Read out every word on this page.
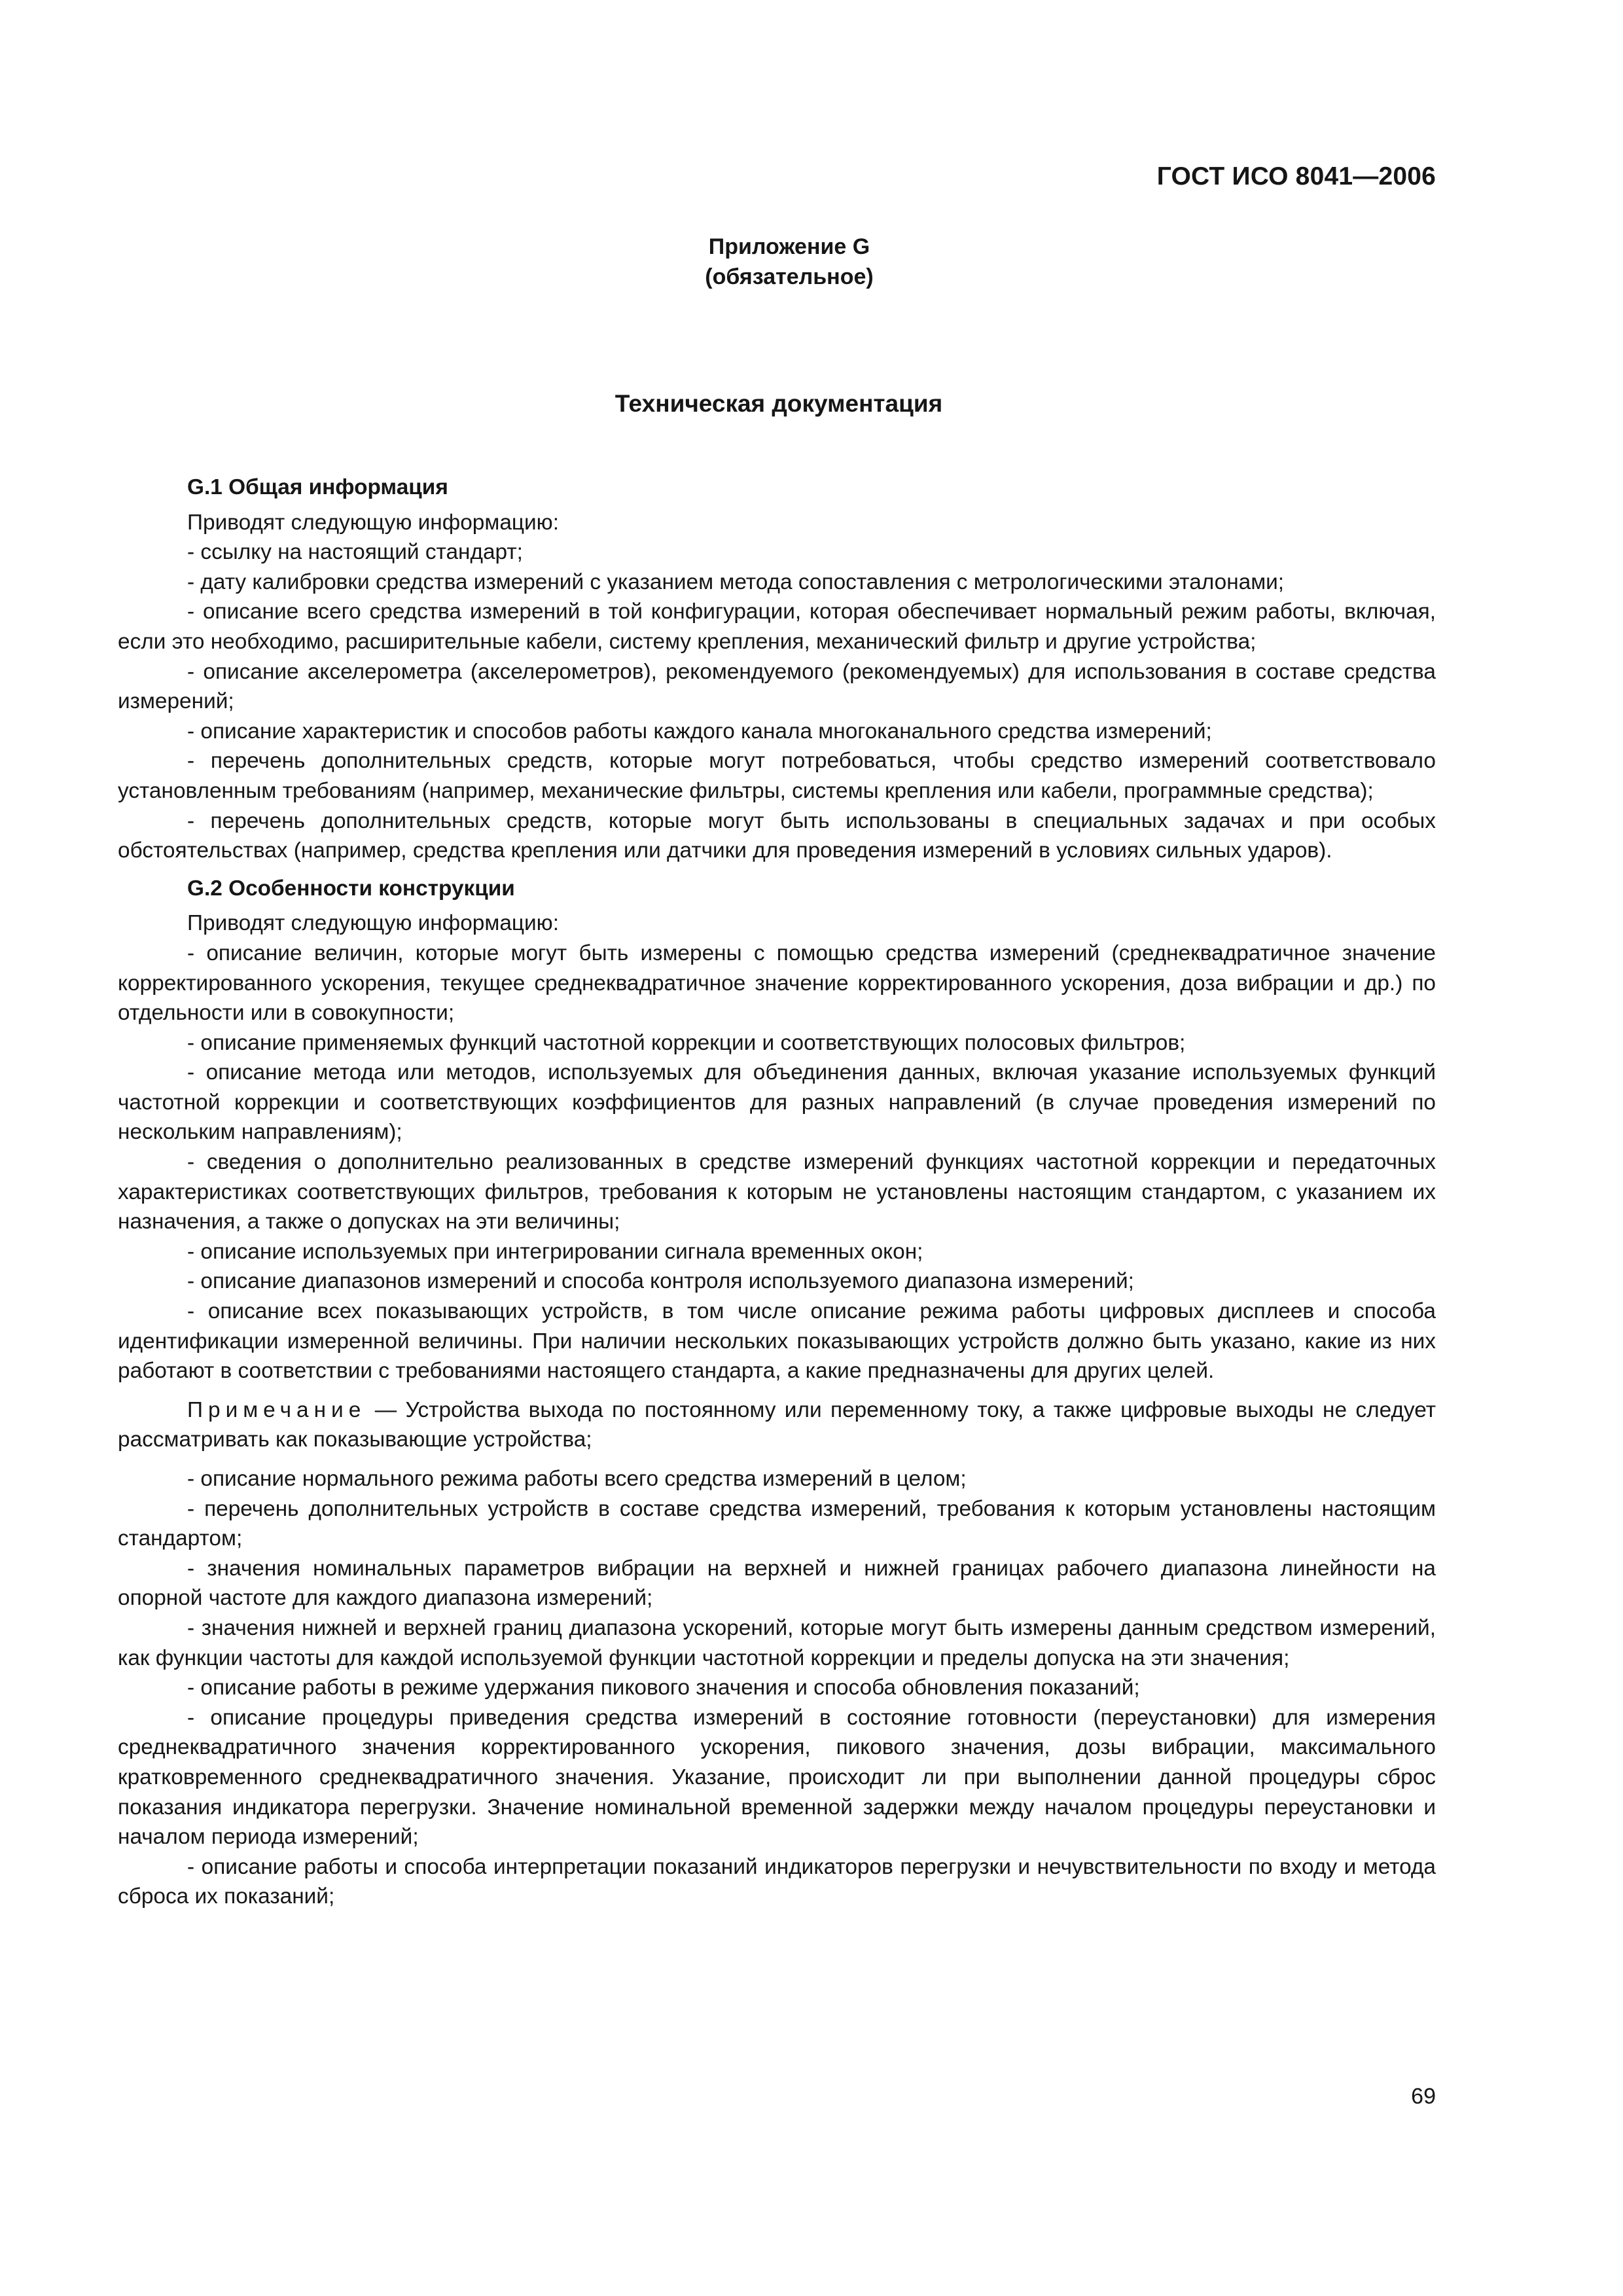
ГОСТ ИСО 8041—2006
Приложение G
(обязательное)
Техническая документация
G.1 Общая информация

Приводят следующую информацию:

- ссылку на настоящий стандарт;

- дату калибровки средства измерений с указанием метода сопоставления с метрологическими эталонами;

- описание всего средства измерений в той конфигурации, которая обеспечивает нормальный режим работы, включая, если это необходимо, расширительные кабели, систему крепления, механический фильтр и другие устройства;

- описание акселерометра (акселерометров), рекомендуемого (рекомендуемых) для использования в составе средства измерений;

- описание характеристик и способов работы каждого канала многоканального средства измерений;

- перечень дополнительных средств, которые могут потребоваться, чтобы средство измерений соответствовало установленным требованиям (например, механические фильтры, системы крепления или кабели, программные средства);

- перечень дополнительных средств, которые могут быть использованы в специальных задачах и при особых обстоятельствах (например, средства крепления или датчики для проведения измерений в условиях сильных ударов).

G.2 Особенности конструкции

Приводят следующую информацию:

- описание величин, которые могут быть измерены с помощью средства измерений (среднеквадратичное значение корректированного ускорения, текущее среднеквадратичное значение корректированного ускорения, доза вибрации и др.) по отдельности или в совокупности;

- описание применяемых функций частотной коррекции и соответствующих полосовых фильтров;

- описание метода или методов, используемых для объединения данных, включая указание используемых функций частотной коррекции и соответствующих коэффициентов для разных направлений (в случае проведения измерений по нескольким направлениям);

- сведения о дополнительно реализованных в средстве измерений функциях частотной коррекции и передаточных характеристиках соответствующих фильтров, требования к которым не установлены настоящим стандартом, с указанием их назначения, а также о допусках на эти величины;

- описание используемых при интегрировании сигнала временных окон;

- описание диапазонов измерений и способа контроля используемого диапазона измерений;

- описание всех показывающих устройств, в том числе описание режима работы цифровых дисплеев и способа идентификации измеренной величины. При наличии нескольких показывающих устройств должно быть указано, какие из них работают в соответствии с требованиями настоящего стандарта, а какие предназначены для других целей.

Примечание — Устройства выхода по постоянному или переменному току, а также цифровые выходы не следует рассматривать как показывающие устройства;

- описание нормального режима работы всего средства измерений в целом;

- перечень дополнительных устройств в составе средства измерений, требования к которым установлены настоящим стандартом;

- значения номинальных параметров вибрации на верхней и нижней границах рабочего диапазона линейности на опорной частоте для каждого диапазона измерений;

- значения нижней и верхней границ диапазона ускорений, которые могут быть измерены данным средством измерений, как функции частоты для каждой используемой функции частотной коррекции и пределы допуска на эти значения;

- описание работы в режиме удержания пикового значения и способа обновления показаний;

- описание процедуры приведения средства измерений в состояние готовности (переустановки) для измерения среднеквадратичного значения корректированного ускорения, пикового значения, дозы вибрации, максимального кратковременного среднеквадратичного значения. Указание, происходит ли при выполнении данной процедуры сброс показания индикатора перегрузки. Значение номинальной временной задержки между началом процедуры переустановки и началом периода измерений;

- описание работы и способа интерпретации показаний индикаторов перегрузки и нечувствительности по входу и метода сброса их показаний;

69
